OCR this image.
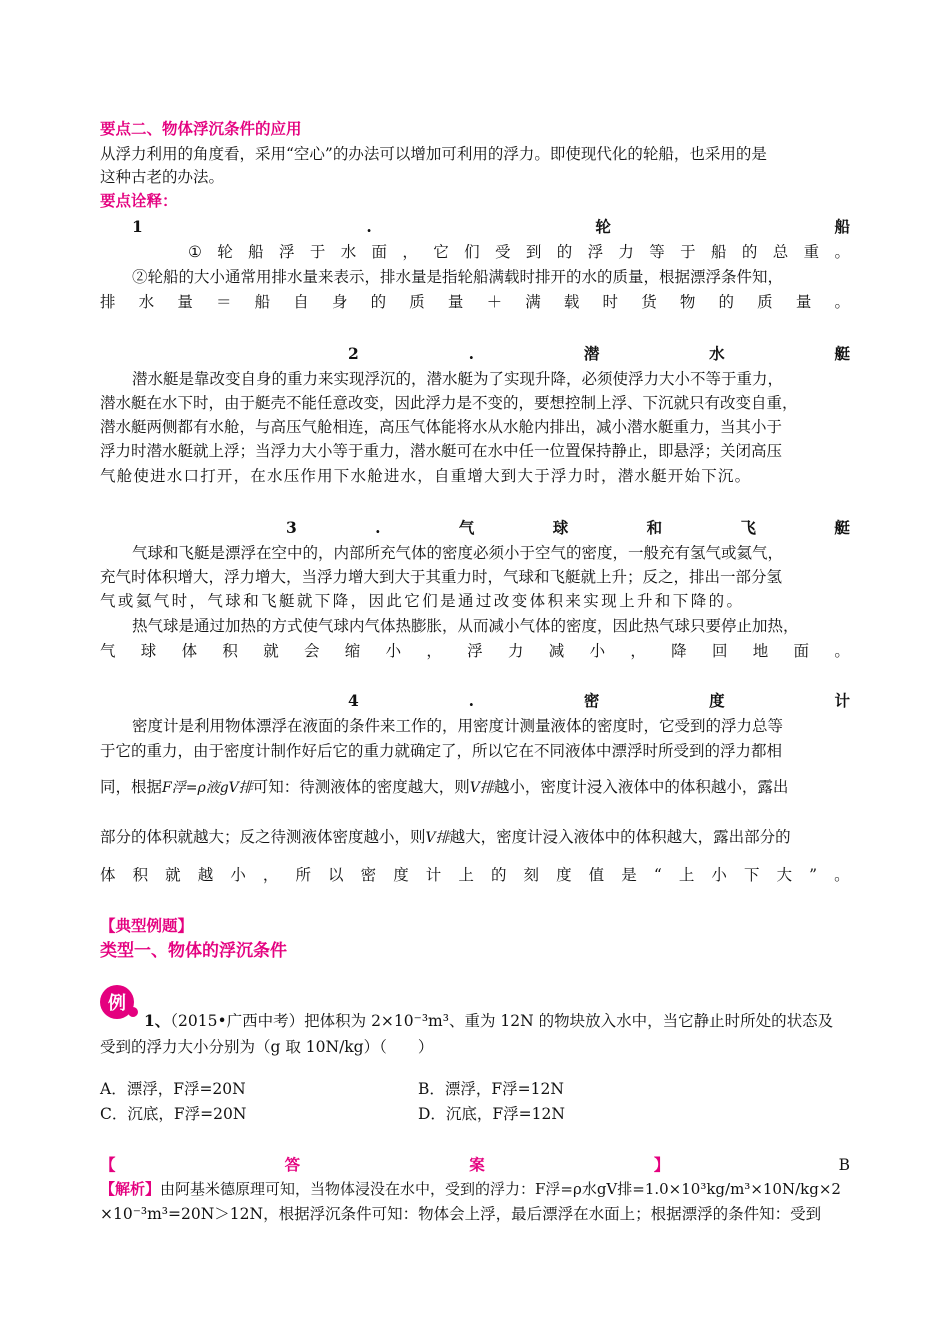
要点二、物体浮沉条件的应用
从浮力利用的角度看，采用“空心”的办法可以增加可利用的浮力。即使现代化的轮船，也采用的是
这种古老的办法。
要点诠释：
1	.	轮	船
① 轮 船 浮 于 水 面 ， 它 们 受 到 的 浮 力 等 于 船 的 总 重 。
②轮船的大小通常用排水量来表示，排水量是指轮船满载时排开的水的质量，根据漂浮条件知，
排 水 量 ＝ 船 自 身 的 质 量 ＋ 满 载 时 货 物 的 质 量 。
2	.	潜	水	艇
潜水艇是靠改变自身的重力来实现浮沉的，潜水艇为了实现升降，必须使浮力大小不等于重力，
潜水艇在水下时，由于艇壳不能任意改变，因此浮力是不变的，要想控制上浮、下沉就只有改变自重，
潜水艇两侧都有水舱，与高压气舱相连，高压气体能将水从水舱内排出，减小潜水艇重力，当其小于
浮力时潜水艇就上浮；当浮力大小等于重力，潜水艇可在水中任一位置保持静止，即悬浮；关闭高压
气舱使进水口打开，在水压作用下水舱进水，自重增大到大于浮力时，潜水艇开始下沉。
3	.	气	球	和	飞	艇
气球和飞艇是漂浮在空中的，内部所充气体的密度必须小于空气的密度，一般充有氢气或氦气，
充气时体积增大，浮力增大，当浮力增大到大于其重力时，气球和飞艇就上升；反之，排出一部分氢
气或氦气时，气球和飞艇就下降，因此它们是通过改变体积来实现上升和下降的。
热气球是通过加热的方式使气球内气体热膨胀，从而减小气体的密度，因此热气球只要停止加热，
气 球 体 积 就 会 缩 小 ， 浮 力 减 小 ， 降 回 地 面 。
4	.	密	度	计
密度计是利用物体漂浮在液面的条件来工作的，用密度计测量液体的密度时，它受到的浮力总等
于它的重力，由于密度计制作好后它的重力就确定了，所以它在不同液体中漂浮时所受到的浮力都相
同，根据F浮=ρ液gV排可知：待测液体的密度越大，则V排越小，密度计浸入液体中的体积越小，露出
部分的体积就越大；反之待测液体密度越小，则V排越大，密度计浸入液体中的体积越大，露出部分的
体 积 就 越 小 ， 所 以 密 度 计 上 的 刻 度 值 是 “ 上 小 下 大 ” 。
【典型例题】
类型一、物体的浮沉条件
例
1、（2015•广西中考）把体积为 2×10⁻³m³、重为 12N 的物块放入水中，当它静止时所处的状态及
受到的浮力大小分别为（g 取 10N/kg）（　　）
A．漂浮，F浮=20N	B．漂浮，F浮=12N
C．沉底，F浮=20N	D．沉底，F浮=12N
【	答	案	】	B
【解析】由阿基米德原理可知，当物体浸没在水中，受到的浮力：F浮=ρ水gV排=1.0×10³kg/m³×10N/kg×2
×10⁻³m³=20N＞12N，根据浮沉条件可知：物体会上浮，最后漂浮在水面上；根据漂浮的条件知：受到
